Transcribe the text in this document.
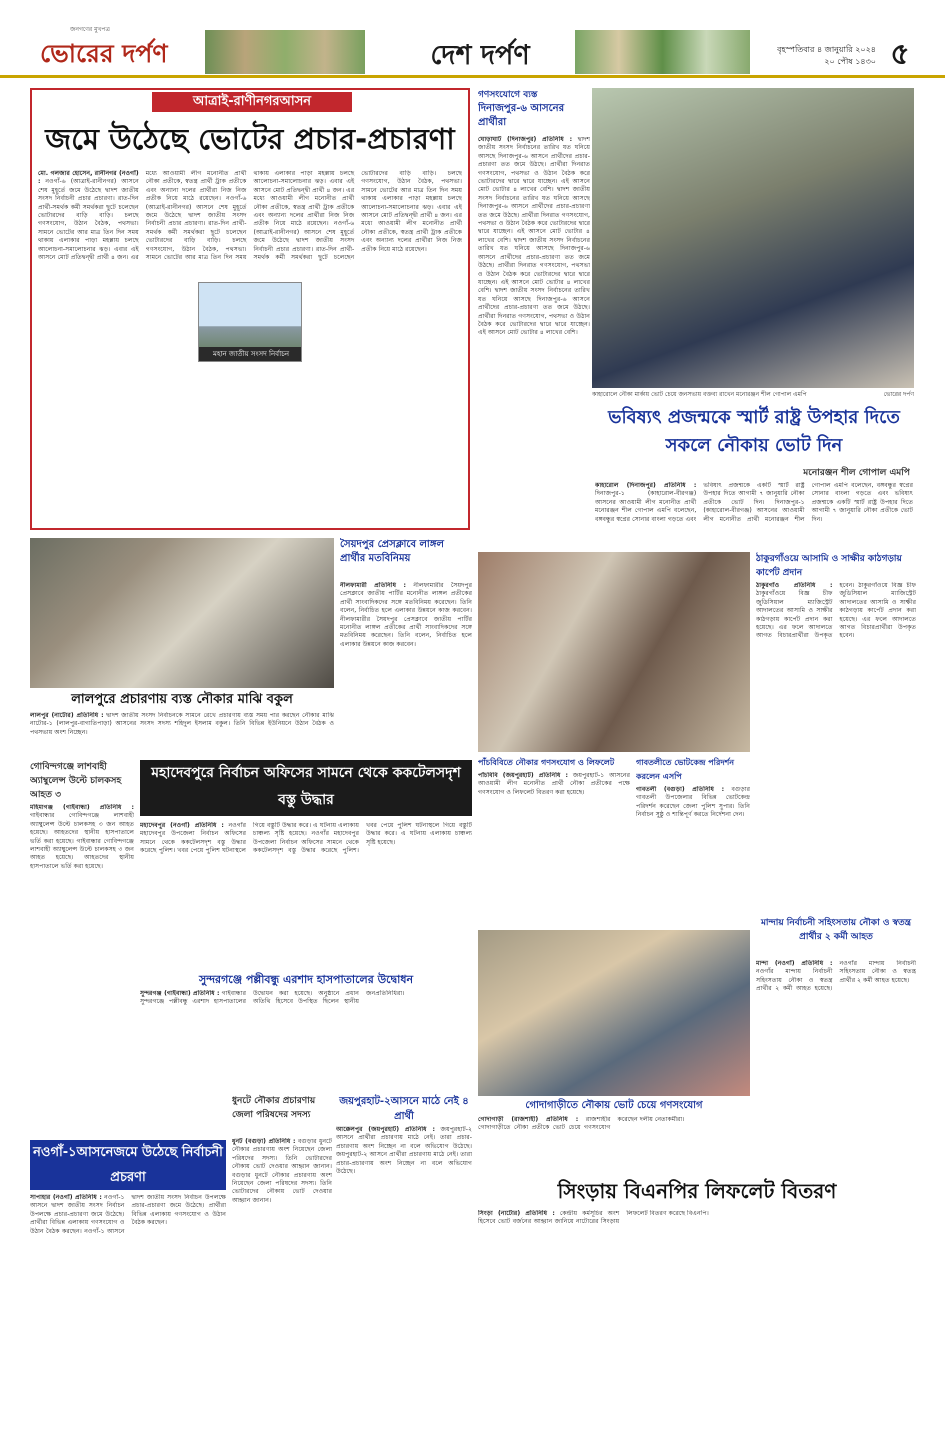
জনগণের মুখপত্র
ভোরের দর্পণ	দেশ দর্পণ	বৃহস্পতিবার ৪ জানুয়ারি ২০২৪
২০ পৌষ ১৪৩০ ৫
আত্রাই-রাণীনগরআসন
জমে উঠেছে ভোটের প্রচার-প্রচারণা
মো. গলজার হোসেন, রানীনগর (নওগাঁ) : নওগাঁ-৬ (আত্রাই-রানীনগর) আসনে শেষ মুহূর্তে জমে উঠেছে দ্বাদশ জাতীয় সংসদ নির্বাচনী প্রচার প্রচারণা। রাত-দিন প্রার্থী-সমর্থক কর্মী সমর্থকরা ছুটে চলেছেন ভোটারদের বাড়ি বাড়ি। চলছে গণসংযোগ, উঠান বৈঠক, পথসভা। সামনে ভোটের আর মাত্র তিন দিন সময় থাকায় এলাকার পাড়া মহল্লায় চলছে আলোচনা-সমালোচনার ঝড়। এবার এই আসনে মোট প্রতিদ্বন্দ্বী প্রার্থী ৪ জন। এর মধ্যে আওয়ামী লীগ মনোনীত প্রার্থী নৌকা প্রতীকে, স্বতন্ত্র প্রার্থী ট্রাক প্রতীকে এবং অন্যান্য দলের প্রার্থীরা নিজ নিজ প্রতীক নিয়ে মাঠে রয়েছেন। নওগাঁ-৬ (আত্রাই-রানীনগর) আসনে শেষ মুহূর্তে জমে উঠেছে দ্বাদশ জাতীয় সংসদ নির্বাচনী প্রচার প্রচারণা। রাত-দিন প্রার্থী-সমর্থক কর্মী সমর্থকরা ছুটে চলেছেন ভোটারদের বাড়ি বাড়ি। চলছে গণসংযোগ, উঠান বৈঠক, পথসভা। সামনে ভোটের আর মাত্র তিন দিন সময় থাকায় এলাকার পাড়া মহল্লায় চলছে আলোচনা-সমালোচনার ঝড়। এবার এই আসনে মোট প্রতিদ্বন্দ্বী প্রার্থী ৪ জন। এর মধ্যে আওয়ামী লীগ মনোনীত প্রার্থী নৌকা প্রতীকে, স্বতন্ত্র প্রার্থী ট্রাক প্রতীকে এবং অন্যান্য দলের প্রার্থীরা নিজ নিজ প্রতীক নিয়ে মাঠে রয়েছেন। নওগাঁ-৬ (আত্রাই-রানীনগর) আসনে শেষ মুহূর্তে জমে উঠেছে দ্বাদশ জাতীয় সংসদ নির্বাচনী প্রচার প্রচারণা। রাত-দিন প্রার্থী-সমর্থক কর্মী সমর্থকরা ছুটে চলেছেন ভোটারদের বাড়ি বাড়ি। চলছে গণসংযোগ, উঠান বৈঠক, পথসভা। সামনে ভোটের আর মাত্র তিন দিন সময় থাকায় এলাকার পাড়া মহল্লায় চলছে আলোচনা-সমালোচনার ঝড়। এবার এই আসনে মোট প্রতিদ্বন্দ্বী প্রার্থী ৪ জন। এর মধ্যে আওয়ামী লীগ মনোনীত প্রার্থী নৌকা প্রতীকে, স্বতন্ত্র প্রার্থী ট্রাক প্রতীকে এবং অন্যান্য দলের প্রার্থীরা নিজ নিজ প্রতীক নিয়ে মাঠে রয়েছেন।
মহান জাতীয় সংসদ নির্বাচন
গণসংযোগে ব্যস্ত
দিনাজপুর-৬ আসনের প্রার্থীরা
ঘোড়াঘাট (দিনাজপুর) প্রতিনিধি : দ্বাদশ জাতীয় সংসদ নির্বাচনের তারিখ যত ঘনিয়ে আসছে দিনাজপুর-৬ আসনে প্রার্থীদের প্রচার-প্রচারণা তত জমে উঠছে। প্রার্থীরা দিনরাত গণসংযোগ, পথসভা ও উঠান বৈঠক করে ভোটারদের দ্বারে দ্বারে যাচ্ছেন। এই আসনে মোট ভোটার ৪ লাখের বেশি। দ্বাদশ জাতীয় সংসদ নির্বাচনের তারিখ যত ঘনিয়ে আসছে দিনাজপুর-৬ আসনে প্রার্থীদের প্রচার-প্রচারণা তত জমে উঠছে। প্রার্থীরা দিনরাত গণসংযোগ, পথসভা ও উঠান বৈঠক করে ভোটারদের দ্বারে দ্বারে যাচ্ছেন। এই আসনে মোট ভোটার ৪ লাখের বেশি। দ্বাদশ জাতীয় সংসদ নির্বাচনের তারিখ যত ঘনিয়ে আসছে দিনাজপুর-৬ আসনে প্রার্থীদের প্রচার-প্রচারণা তত জমে উঠছে। প্রার্থীরা দিনরাত গণসংযোগ, পথসভা ও উঠান বৈঠক করে ভোটারদের দ্বারে দ্বারে যাচ্ছেন। এই আসনে মোট ভোটার ৪ লাখের বেশি। দ্বাদশ জাতীয় সংসদ নির্বাচনের তারিখ যত ঘনিয়ে আসছে দিনাজপুর-৬ আসনে প্রার্থীদের প্রচার-প্রচারণা তত জমে উঠছে। প্রার্থীরা দিনরাত গণসংযোগ, পথসভা ও উঠান বৈঠক করে ভোটারদের দ্বারে দ্বারে যাচ্ছেন। এই আসনে মোট ভোটার ৪ লাখের বেশি।
কাহারোলে নৌকা মার্কায় ভোট চেয়ে জনসভায় বক্তব্য রাখেন মনোরঞ্জন শীল গোপাল এমপি	ভোরের দর্পণ
ভবিষ্যৎ প্রজন্মকে স্মার্ট রাষ্ট্র উপহার দিতে সকলে নৌকায় ভোট দিন
মনোরঞ্জন শীল গোপাল এমপি
কাহারোল (দিনাজপুর) প্রতিনিধি : দিনাজপুর-১ (কাহারোল-বীরগঞ্জ) আসনের আওয়ামী লীগ মনোনীত প্রার্থী মনোরঞ্জন শীল গোপাল এমপি বলেছেন, বঙ্গবন্ধুর স্বপ্নের সোনার বাংলা গড়তে এবং ভবিষ্যৎ প্রজন্মকে একটি স্মার্ট রাষ্ট্র উপহার দিতে আগামী ৭ জানুয়ারি নৌকা প্রতীকে ভোট দিন। দিনাজপুর-১ (কাহারোল-বীরগঞ্জ) আসনের আওয়ামী লীগ মনোনীত প্রার্থী মনোরঞ্জন শীল গোপাল এমপি বলেছেন, বঙ্গবন্ধুর স্বপ্নের সোনার বাংলা গড়তে এবং ভবিষ্যৎ প্রজন্মকে একটি স্মার্ট রাষ্ট্র উপহার দিতে আগামী ৭ জানুয়ারি নৌকা প্রতীকে ভোট দিন।
লালপুরে প্রচারণায় ব্যস্ত নৌকার মাঝি বকুল
লালপুর (নাটোর) প্রতিনিধি : দ্বাদশ জাতীয় সংসদ নির্বাচনকে সামনে রেখে প্রচারণায় ব্যস্ত সময় পার করছেন নৌকার মাঝি নাটোর-১ (লালপুর-বাগাতিপাড়া) আসনের সংসদ সদস্য শহিদুল ইসলাম বকুল। তিনি বিভিন্ন ইউনিয়নে উঠান বৈঠক ও পথসভায় অংশ নিচ্ছেন।
সৈয়দপুর প্রেসক্লাবে লাঙ্গল প্রার্থীর মতবিনিময়
নীলফামারী প্রতিনিধি : নীলফামারীর সৈয়দপুর প্রেসক্লাবে জাতীয় পার্টির মনোনীত লাঙ্গল প্রতীকের প্রার্থী সাংবাদিকদের সঙ্গে মতবিনিময় করেছেন। তিনি বলেন, নির্বাচিত হলে এলাকার উন্নয়নে কাজ করবেন। নীলফামারীর সৈয়দপুর প্রেসক্লাবে জাতীয় পার্টির মনোনীত লাঙ্গল প্রতীকের প্রার্থী সাংবাদিকদের সঙ্গে মতবিনিময় করেছেন। তিনি বলেন, নির্বাচিত হলে এলাকার উন্নয়নে কাজ করবেন।
ঠাকুরগাঁওয়ে আসামি ও সাক্ষীর কাঠগড়ায় কার্পেট প্রদান
ঠাকুরগাঁও প্রতিনিধি : ঠাকুরগাঁওয়ে বিজ্ঞ চীফ জুডিসিয়াল ম্যাজিস্ট্রেট আদালতের আসামি ও সাক্ষীর কাঠগড়ায় কার্পেট প্রদান করা হয়েছে। এর ফলে আদালতে আগত বিচারপ্রার্থীরা উপকৃত হবেন। ঠাকুরগাঁওয়ে বিজ্ঞ চীফ জুডিসিয়াল ম্যাজিস্ট্রেট আদালতের আসামি ও সাক্ষীর কাঠগড়ায় কার্পেট প্রদান করা হয়েছে। এর ফলে আদালতে আগত বিচারপ্রার্থীরা উপকৃত হবেন।
পাঁচবিবিতে নৌকার গণসংযোগ ও লিফলেট
পাঁচবিবি (জয়পুরহাট) প্রতিনিধি : জয়পুরহাট-১ আসনের আওয়ামী লীগ মনোনীত প্রার্থী নৌকা প্রতীকের পক্ষে গণসংযোগ ও লিফলেট বিতরণ করা হয়েছে।
গাবতলীতে ভোটকেন্দ্র পরিদর্শন করলেন এসপি
গাবতলী (বগুড়া) প্রতিনিধি : বগুড়ার গাবতলী উপজেলার বিভিন্ন ভোটকেন্দ্র পরিদর্শন করেছেন জেলা পুলিশ সুপার। তিনি নির্বাচন সুষ্ঠু ও শান্তিপূর্ণ করতে নির্দেশনা দেন।
গোবিন্দগঞ্জে লাশবাহী অ্যাম্বুলেন্স উল্টে চালকসহ আহত ৩
মহিমাগঞ্জ (গাইবান্ধা) প্রতিনিধি : গাইবান্ধার গোবিন্দগঞ্জে লাশবাহী অ্যাম্বুলেন্স উল্টে চালকসহ ৩ জন আহত হয়েছে। আহতদের স্থানীয় হাসপাতালে ভর্তি করা হয়েছে। গাইবান্ধার গোবিন্দগঞ্জে লাশবাহী অ্যাম্বুলেন্স উল্টে চালকসহ ৩ জন আহত হয়েছে। আহতদের স্থানীয় হাসপাতালে ভর্তি করা হয়েছে।
মহাদেবপুরে নির্বাচন অফিসের সামনে থেকে ককটেলসদৃশ বস্তু উদ্ধার
মহাদেবপুর (নওগাঁ) প্রতিনিধি : নওগাঁর মহাদেবপুর উপজেলা নির্বাচন অফিসের সামনে থেকে ককটেলসদৃশ বস্তু উদ্ধার করেছে পুলিশ। খবর পেয়ে পুলিশ ঘটনাস্থলে গিয়ে বস্তুটি উদ্ধার করে। এ ঘটনায় এলাকায় চাঞ্চল্য সৃষ্টি হয়েছে। নওগাঁর মহাদেবপুর উপজেলা নির্বাচন অফিসের সামনে থেকে ককটেলসদৃশ বস্তু উদ্ধার করেছে পুলিশ। খবর পেয়ে পুলিশ ঘটনাস্থলে গিয়ে বস্তুটি উদ্ধার করে। এ ঘটনায় এলাকায় চাঞ্চল্য সৃষ্টি হয়েছে।
সুন্দরগঞ্জে পল্লীবন্ধু এরশাদ হাসপাতালের উদ্বোধন
সুন্দরগঞ্জ (গাইবান্ধা) প্রতিনিধি : গাইবান্ধার সুন্দরগঞ্জে পল্লীবন্ধু এরশাদ হাসপাতালের উদ্বোধন করা হয়েছে। অনুষ্ঠানে প্রধান অতিথি হিসেবে উপস্থিত ছিলেন স্থানীয় জনপ্রতিনিধিরা।
জয়পুরহাট-২আসনে মাঠে নেই ৪ প্রার্থী
আক্কেলপুর (জয়পুরহাট) প্রতিনিধি : জয়পুরহাট-২ আসনে প্রার্থীরা প্রচারণায় মাঠে নেই। তারা প্রচার-প্রচারণায় অংশ নিচ্ছেন না বলে অভিযোগ উঠেছে। জয়পুরহাট-২ আসনে প্রার্থীরা প্রচারণায় মাঠে নেই। তারা প্রচার-প্রচারণায় অংশ নিচ্ছেন না বলে অভিযোগ উঠেছে।
ধুনটে নৌকার প্রচারণায় জেলা পরিষদের সদস্য
ধুনট (বগুড়া) প্রতিনিধি : বগুড়ার ধুনটে নৌকার প্রচারণায় অংশ নিয়েছেন জেলা পরিষদের সদস্য। তিনি ভোটারদের নৌকায় ভোট দেওয়ার আহ্বান জানান। বগুড়ার ধুনটে নৌকার প্রচারণায় অংশ নিয়েছেন জেলা পরিষদের সদস্য। তিনি ভোটারদের নৌকায় ভোট দেওয়ার আহ্বান জানান।
নওগাঁ-১আসনেজমে উঠেছে নির্বাচনী প্রচরণা
সাপাহার (নওগাঁ) প্রতিনিধি : নওগাঁ-১ আসনে দ্বাদশ জাতীয় সংসদ নির্বাচন উপলক্ষে প্রচার-প্রচারণা জমে উঠেছে। প্রার্থীরা বিভিন্ন এলাকায় গণসংযোগ ও উঠান বৈঠক করছেন। নওগাঁ-১ আসনে দ্বাদশ জাতীয় সংসদ নির্বাচন উপলক্ষে প্রচার-প্রচারণা জমে উঠেছে। প্রার্থীরা বিভিন্ন এলাকায় গণসংযোগ ও উঠান বৈঠক করছেন।
গোদাগাড়ীতে নৌকায় ভোট চেয়ে গণসংযোগ
গোদাগাড়ী (রাজশাহী) প্রতিনিধি : রাজশাহীর গোদাগাড়ীতে নৌকা প্রতীকে ভোট চেয়ে গণসংযোগ করেছেন দলীয় নেতাকর্মীরা।
মান্দায় নির্বাচনী সহিংসতায় নৌকা ও স্বতন্ত্র প্রার্থীর ২ কর্মী আহত
মান্দা (নওগাঁ) প্রতিনিধি : নওগাঁর মান্দায় নির্বাচনী সহিংসতায় নৌকা ও স্বতন্ত্র প্রার্থীর ২ কর্মী আহত হয়েছে। নওগাঁর মান্দায় নির্বাচনী সহিংসতায় নৌকা ও স্বতন্ত্র প্রার্থীর ২ কর্মী আহত হয়েছে।
সিংড়ায় বিএনপির লিফলেট বিতরণ
সিংড়া (নাটোর) প্রতিনিধি : কেন্দ্রীয় কর্মসূচির অংশ হিসেবে ভোট বর্জনের আহ্বান জানিয়ে নাটোরের সিংড়ায় লিফলেট বিতরণ করেছে বিএনপি।
